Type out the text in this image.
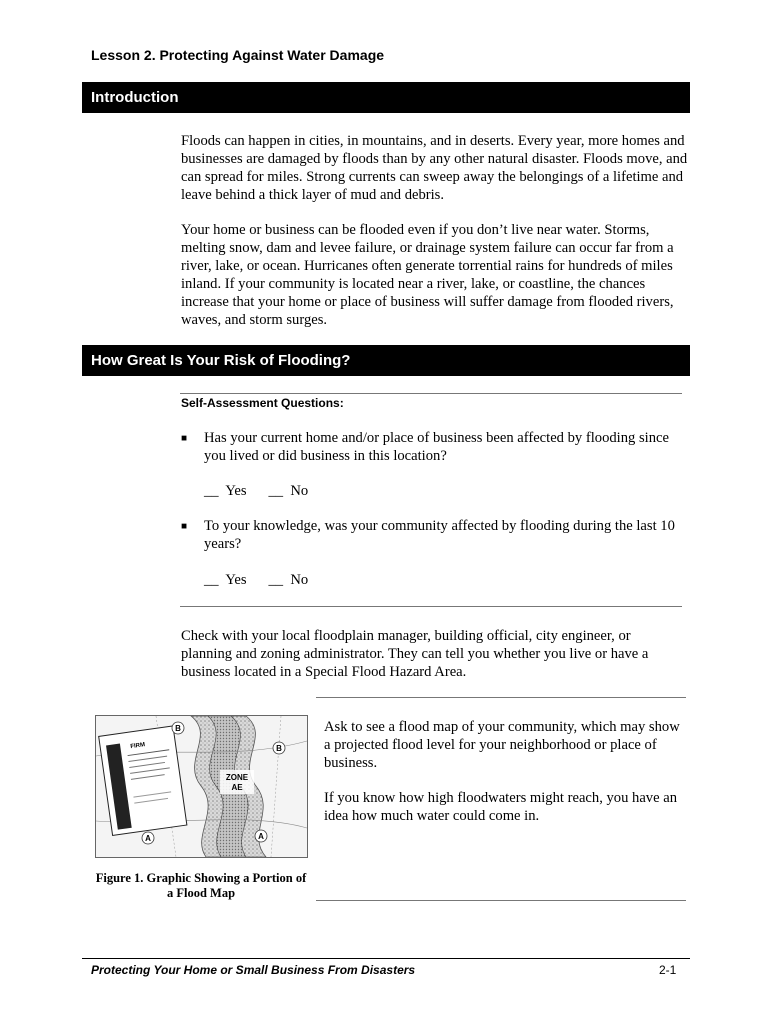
Lesson 2. Protecting Against Water Damage
Introduction
Floods can happen in cities, in mountains, and in deserts. Every year, more homes and businesses are damaged by floods than by any other natural disaster. Floods move, and can spread for miles. Strong currents can sweep away the belongings of a lifetime and leave behind a thick layer of mud and debris.
Your home or business can be flooded even if you don’t live near water. Storms, melting snow, dam and levee failure, or drainage system failure can occur far from a river, lake, or ocean. Hurricanes often generate torrential rains for hundreds of miles inland. If your community is located near a river, lake, or coastline, the chances increase that your home or place of business will suffer damage from flooded rivers, waves, and storm surges.
How Great Is Your Risk of Flooding?
Self-Assessment Questions:
■ Has your current home and/or place of business been affected by flooding since you lived or did business in this location?
__  Yes      __  No
■ To your knowledge, was your community affected by flooding during the last 10 years?
__  Yes      __  No
Check with your local floodplain manager, building official, city engineer, or planning and zoning administrator. They can tell you whether you live or have a business located in a Special Flood Hazard Area.
FIRM
B
B
A	A
ZONE
AE
Figure 1. Graphic Showing a Portion of
a Flood Map
Ask to see a flood map of your community, which may show a projected flood level for your neighborhood or place of business.
If you know how high floodwaters might reach, you have an idea how much water could come in.
Protecting Your Home or Small Business From Disasters	2-1
